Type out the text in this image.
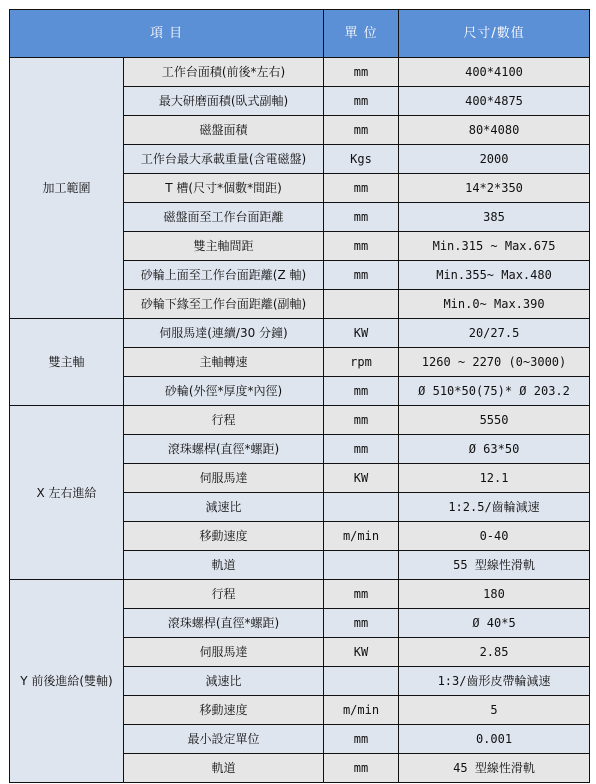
項 目		單 位	尺寸/數值
加工範圍	工作台面積(前後*左右)	mm	400*4100
	最大研磨面積(臥式副軸)	mm	400*4875
	磁盤面積	mm	80*4080
	工作台最大承載重量(含電磁盤)	Kgs	2000
	T 槽(尺寸*個數*間距)	mm	14*2*350
	磁盤面至工作台面距離	mm	385
	雙主軸間距	mm	Min.315 ~ Max.675
	砂輪上面至工作台面距離(Z 軸)	mm	Min.355~ Max.480
	砂輪下緣至工作台面距離(副軸)		Min.0~ Max.390
雙主軸	伺服馬達(連續/30 分鐘)	KW	20/27.5
	主軸轉速	rpm	1260 ~ 2270 (0~3000)
	砂輪(外徑*厚度*內徑)	mm	Ø 510*50(75)* Ø 203.2
X 左右進給	行程	mm	5550
	滾珠螺桿(直徑*螺距)	mm	Ø 63*50
	伺服馬達	KW	12.1
	減速比		1:2.5/齒輪減速
	移動速度	m/min	0-40
	軌道		55 型線性滑軌
Y 前後進給(雙軸)	行程	mm	180
	滾珠螺桿(直徑*螺距)	mm	Ø 40*5
	伺服馬達	KW	2.85
	減速比		1:3/齒形皮帶輪減速
	移動速度	m/min	5
	最小設定單位	mm	0.001
	軌道	mm	45 型線性滑軌
